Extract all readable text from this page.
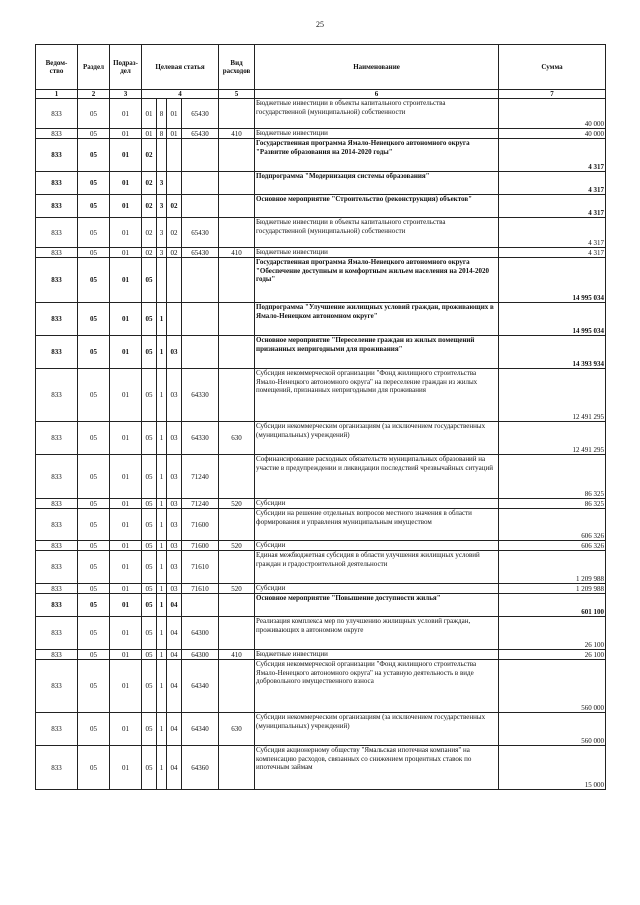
25
Ведом-
ство	Раздел	Подраз-
дел	Целевая статья				Вид
расходов	Наименование	Сумма
1	2	3	4				5	6	7
833	05	01	01	8	01	65430		Бюджетные инвестиции в объекты капитального строительства государственной (муниципальной) собственности	40 000
833	05	01	01	8	01	65430	410	Бюджетные инвестиции	40 000
833	05	01	02					Государственная программа Ямало-Ненецкого автономного округа "Развитие образования на 2014-2020 годы"	4 317
833	05	01	02	3				Подпрограмма "Модернизация системы образования"	4 317
833	05	01	02	3	02			Основное мероприятие "Строительство (реконструкция) объектов"	4 317
833	05	01	02	3	02	65430		Бюджетные инвестиции в объекты капитального строительства государственной (муниципальной) собственности	4 317
833	05	01	02	3	02	65430	410	Бюджетные инвестиции	4 317
833	05	01	05					Государственная программа Ямало-Ненецкого автономного округа "Обеспечение доступным и комфортным жильем населения на 2014-2020 годы"	14 995 034
833	05	01	05	1				Подпрограмма "Улучшение жилищных условий граждан, проживающих в Ямало-Ненецком автономном округе"	14 995 034
833	05	01	05	1	03			Основное мероприятие "Переселение граждан из жилых помещений признанных непригодными для проживания"	14 393 934
833	05	01	05	1	03	64330		Субсидия некоммерческой организации "Фонд жилищного строительства Ямало-Ненецкого автономного округа" на переселение граждан из жилых помещений, признанных непригодными для проживания	12 491 295
833	05	01	05	1	03	64330	630	Субсидии некоммерческим организациям (за исключением государственных (муниципальных) учреждений)	12 491 295
833	05	01	05	1	03	71240		Софинансирование расходных обязательств муниципальных образований на участие в предупреждении и ликвидации последствий чрезвычайных ситуаций	86 325
833	05	01	05	1	03	71240	520	Субсидии	86 325
833	05	01	05	1	03	71600		Субсидии на решение отдельных вопросов местного значения в области формирования и управления муниципальным имуществом	606 326
833	05	01	05	1	03	71600	520	Субсидии	606 326
833	05	01	05	1	03	71610		Единая межбюджетная субсидия в области улучшения жилищных условий граждан и градостроительной деятельности	1 209 988
833	05	01	05	1	03	71610	520	Субсидии	1 209 988
833	05	01	05	1	04			Основное мероприятие "Повышение доступности жилья"	601 100
833	05	01	05	1	04	64300		Реализация комплекса мер по улучшению жилищных условий граждан, проживающих в автономном округе	26 100
833	05	01	05	1	04	64300	410	Бюджетные инвестиции	26 100
833	05	01	05	1	04	64340		Субсидия некоммерческой организации "Фонд жилищного строительства Ямало-Ненецкого автономного округа" на уставную деятельность в виде добровольного имущественного взноса	560 000
833	05	01	05	1	04	64340	630	Субсидии некоммерческим организациям (за исключением государственных (муниципальных) учреждений)	560 000
833	05	01	05	1	04	64360		Субсидия акционерному обществу "Ямальская ипотечная компания" на компенсацию расходов, связанных со снижением процентных ставок по ипотечным займам	15 000
